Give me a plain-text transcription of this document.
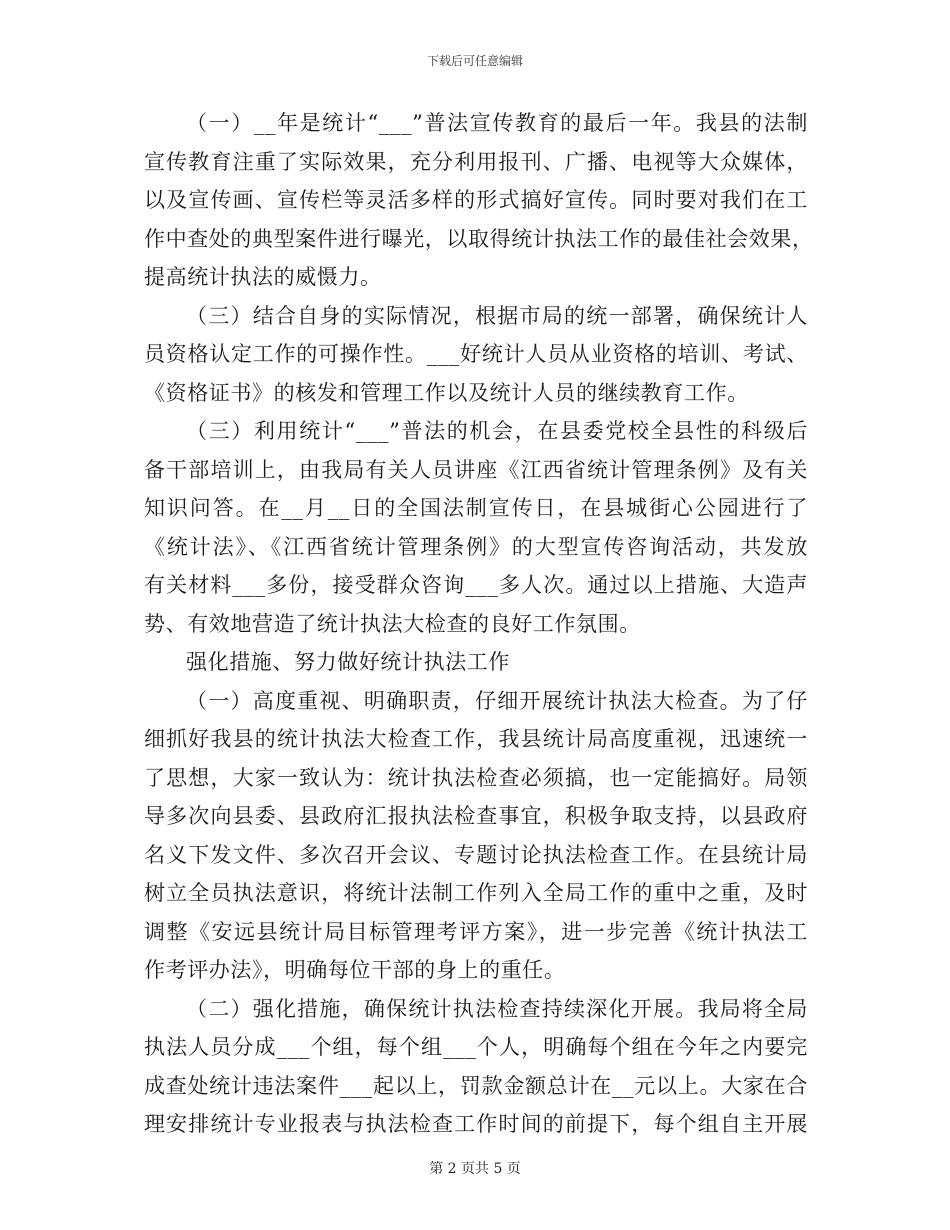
下载后可任意编辑
（一）__年是统计“___”普法宣传教育的最后一年。我县的法制
宣传教育注重了实际效果，充分利用报刊、广播、电视等大众媒体，
以及宣传画、宣传栏等灵活多样的形式搞好宣传。同时要对我们在工
作中查处的典型案件进行曝光，以取得统计执法工作的最佳社会效果，
提高统计执法的威慑力。
（三）结合自身的实际情况，根据市局的统一部署，确保统计人
员资格认定工作的可操作性。___好统计人员从业资格的培训、考试、
《资格证书》的核发和管理工作以及统计人员的继续教育工作。
（三）利用统计“___”普法的机会，在县委党校全县性的科级后
备干部培训上，由我局有关人员讲座《江西省统计管理条例》及有关
知识问答。在__月__日的全国法制宣传日，在县城街心公园进行了
《统计法》、《江西省统计管理条例》的大型宣传咨询活动，共发放
有关材料___多份，接受群众咨询___多人次。通过以上措施、大造声
势、有效地营造了统计执法大检查的良好工作氛围。
强化措施、努力做好统计执法工作
（一）高度重视、明确职责，仔细开展统计执法大检查。为了仔
细抓好我县的统计执法大检查工作，我县统计局高度重视，迅速统一
了思想，大家一致认为：统计执法检查必须搞，也一定能搞好。局领
导多次向县委、县政府汇报执法检查事宜，积极争取支持，以县政府
名义下发文件、多次召开会议、专题讨论执法检查工作。在县统计局
树立全员执法意识，将统计法制工作列入全局工作的重中之重，及时
调整《安远县统计局目标管理考评方案》，进一步完善《统计执法工
作考评办法》，明确每位干部的身上的重任。
（二）强化措施，确保统计执法检查持续深化开展。我局将全局
执法人员分成___个组，每个组___个人，明确每个组在今年之内要完
成查处统计违法案件___起以上，罚款金额总计在__元以上。大家在合
理安排统计专业报表与执法检查工作时间的前提下，每个组自主开展
第 2 页共 5 页
